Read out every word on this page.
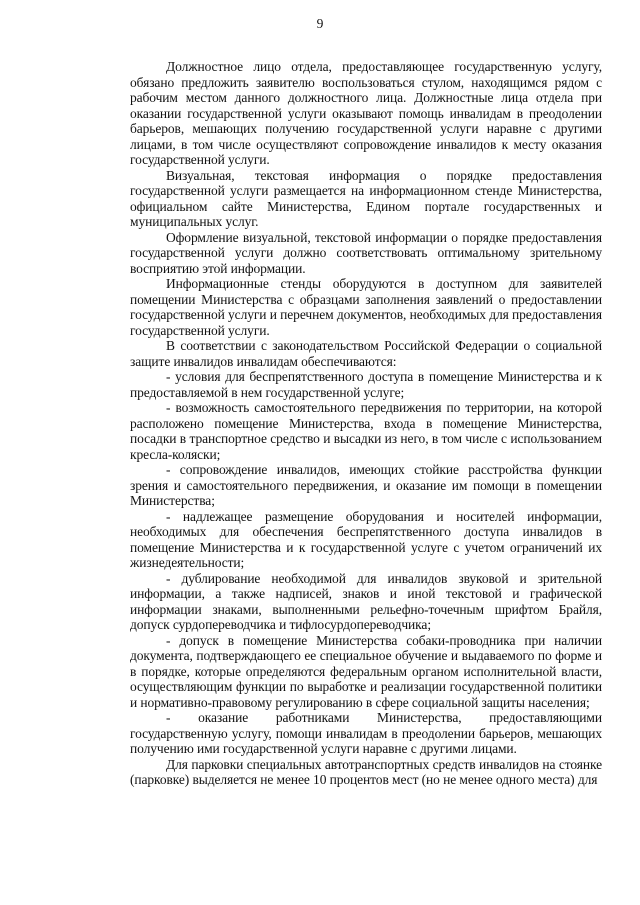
9

Должностное лицо отдела, предоставляющее государственную услугу, обязано предложить заявителю воспользоваться стулом, находящимся рядом с рабочим местом данного должностного лица. Должностные лица отдела при оказании государственной услуги оказывают помощь инвалидам в преодолении барьеров, мешающих получению государственной услуги наравне с другими лицами, в том числе осуществляют сопровождение инвалидов к месту оказания государственной услуги.

Визуальная, текстовая информация о порядке предоставления государственной услуги размещается на информационном стенде Министерства, официальном сайте Министерства, Едином портале государственных и муниципальных услуг.

Оформление визуальной, текстовой информации о порядке предоставления государственной услуги должно соответствовать оптимальному зрительному восприятию этой информации.

Информационные стенды оборудуются в доступном для заявителей помещении Министерства с образцами заполнения заявлений о предоставлении государственной услуги и перечнем документов, необходимых для предоставления государственной услуги.

В соответствии с законодательством Российской Федерации о социальной защите инвалидов инвалидам обеспечиваются:

- условия для беспрепятственного доступа в помещение Министерства и к предоставляемой в нем государственной услуге;

- возможность самостоятельного передвижения по территории, на которой расположено помещение Министерства, входа в помещение Министерства, посадки в транспортное средство и высадки из него, в том числе с использованием кресла-коляски;

- сопровождение инвалидов, имеющих стойкие расстройства функции зрения и самостоятельного передвижения, и оказание им помощи в помещении Министерства;

- надлежащее размещение оборудования и носителей информации, необходимых для обеспечения беспрепятственного доступа инвалидов в помещение Министерства и к государственной услуге с учетом ограничений их жизнедеятельности;

- дублирование необходимой для инвалидов звуковой и зрительной информации, а также надписей, знаков и иной текстовой и графической информации знаками, выполненными рельефно-точечным шрифтом Брайля, допуск сурдопереводчика и тифлосурдопереводчика;

- допуск в помещение Министерства собаки-проводника при наличии документа, подтверждающего ее специальное обучение и выдаваемого по форме и в порядке, которые определяются федеральным органом исполнительной власти, осуществляющим функции по выработке и реализации государственной политики и нормативно-правовому регулированию в сфере социальной защиты населения;

- оказание работниками Министерства, предоставляющими государственную услугу, помощи инвалидам в преодолении барьеров, мешающих получению ими государственной услуги наравне с другими лицами.

Для парковки специальных автотранспортных средств инвалидов на стоянке (парковке) выделяется не менее 10 процентов мест (но не менее одного места) для
